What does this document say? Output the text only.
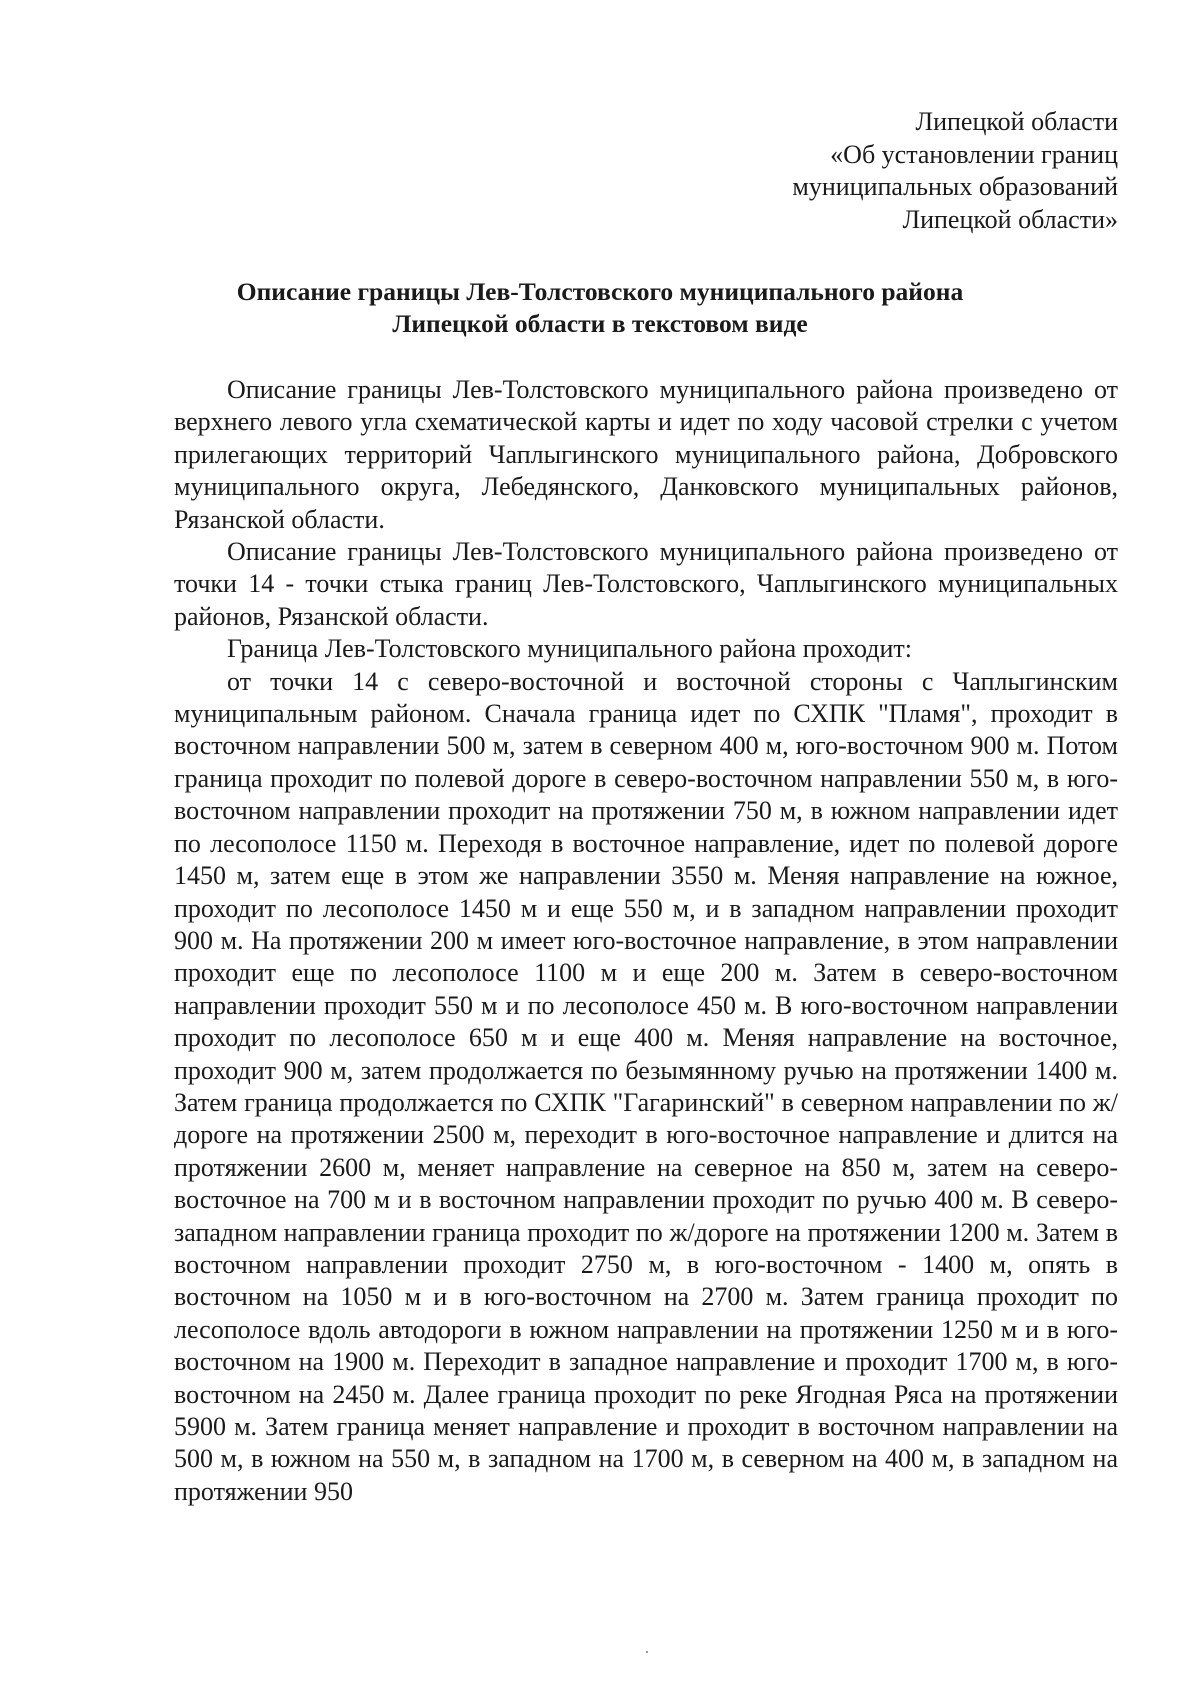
Липецкой области
«Об установлении границ
муниципальных образований
Липецкой области»
Описание границы Лев-Толстовского муниципального района
Липецкой области в текстовом виде

Описание границы Лев-Толстовского муниципального района произведено от верхнего левого угла схематической карты и идет по ходу часовой стрелки с учетом прилегающих территорий Чаплыгинского муниципального района, Добровского муниципального округа, Лебедянского, Данковского муниципальных районов, Рязанской области.

Описание границы Лев-Толстовского муниципального района произведено от точки 14 - точки стыка границ Лев-Толстовского, Чаплыгинского муниципальных районов, Рязанской области.

Граница Лев-Толстовского муниципального района проходит:

от точки 14 с северо-восточной и восточной стороны с Чаплыгинским муниципальным районом. Сначала граница идет по СХПК "Пламя", проходит в восточном направлении 500 м, затем в северном 400 м, юго-восточном 900 м. Потом граница проходит по полевой дороге в северо-восточном направлении 550 м, в юго-восточном направлении проходит на протяжении 750 м, в южном направлении идет по лесополосе 1150 м. Переходя в восточное направление, идет по полевой дороге 1450 м, затем еще в этом же направлении 3550 м. Меняя направление на южное, проходит по лесополосе 1450 м и еще 550 м, и в западном направлении проходит 900 м. На протяжении 200 м имеет юго-восточное направление, в этом направлении проходит еще по лесополосе 1100 м и еще 200 м. Затем в северо-восточном направлении проходит 550 м и по лесополосе 450 м. В юго-восточном направлении проходит по лесополосе 650 м и еще 400 м. Меняя направление на восточное, проходит 900 м, затем продолжается по безымянному ручью на протяжении 1400 м. Затем граница продолжается по СХПК "Гагаринский" в северном направлении по ж/дороге на протяжении 2500 м, переходит в юго-восточное направление и длится на протяжении 2600 м, меняет направление на северное на 850 м, затем на северо-восточное на 700 м и в восточном направлении проходит по ручью 400 м. В северо-западном направлении граница проходит по ж/дороге на протяжении 1200 м. Затем в восточном направлении проходит 2750 м, в юго-восточном - 1400 м, опять в восточном на 1050 м и в юго-восточном на 2700 м. Затем граница проходит по лесополосе вдоль автодороги в южном направлении на протяжении 1250 м и в юго-восточном на 1900 м. Переходит в западное направление и проходит 1700 м, в юго-восточном на 2450 м. Далее граница проходит по реке Ягодная Ряса на протяжении 5900 м. Затем граница меняет направление и проходит в восточном направлении на 500 м, в южном на 550 м, в западном на 1700 м, в северном на 400 м, в западном на протяжении 950
